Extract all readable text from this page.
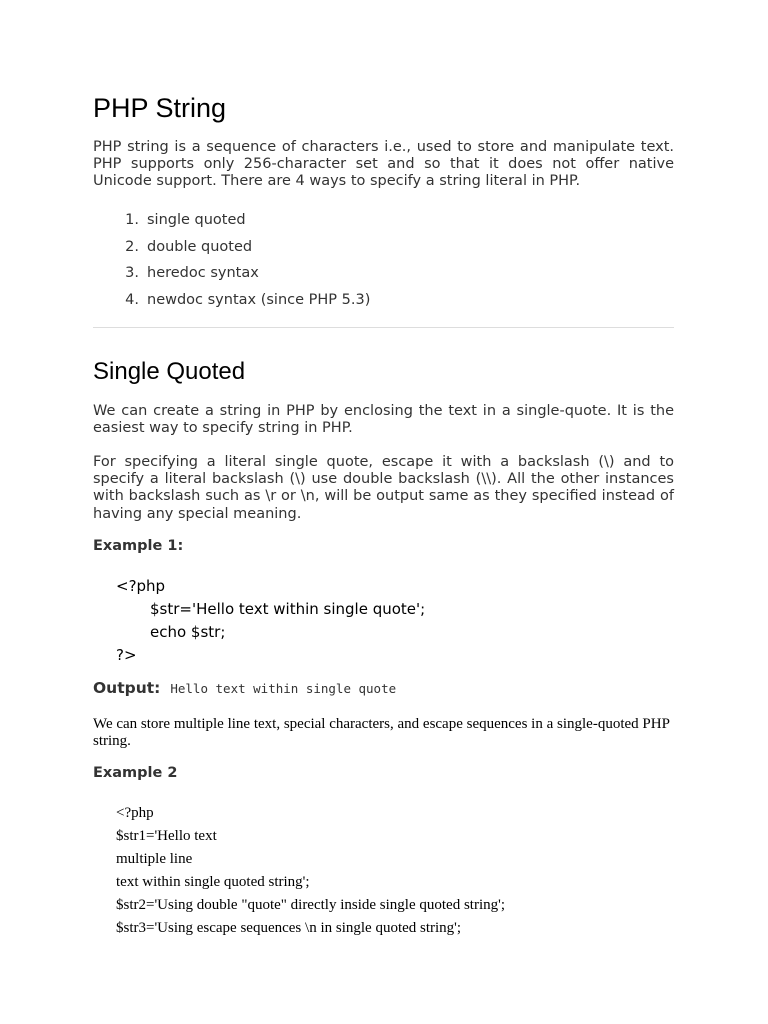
PHP String

PHP string is a sequence of characters i.e., used to store and manipulate text. PHP supports only 256-character set and so that it does not offer native Unicode support. There are 4 ways to specify a string literal in PHP.

1. single quoted
2. double quoted
3. heredoc syntax
4. newdoc syntax (since PHP 5.3)
Single Quoted

We can create a string in PHP by enclosing the text in a single-quote. It is the easiest way to specify string in PHP.

For specifying a literal single quote, escape it with a backslash (\) and to specify a literal backslash (\) use double backslash (\\). All the other instances with backslash such as \r or \n, will be output same as they specified instead of having any special meaning.

Example 1:
<?php
$str='Hello text within single quote';
echo $str;
?>
Output: Hello text within single quote

We can store multiple line text, special characters, and escape sequences in a single-quoted PHP string.

Example 2
<?php
$str1='Hello text
multiple line
text within single quoted string';
$str2='Using double "quote" directly inside single quoted string';
$str3='Using escape sequences \n in single quoted string';
